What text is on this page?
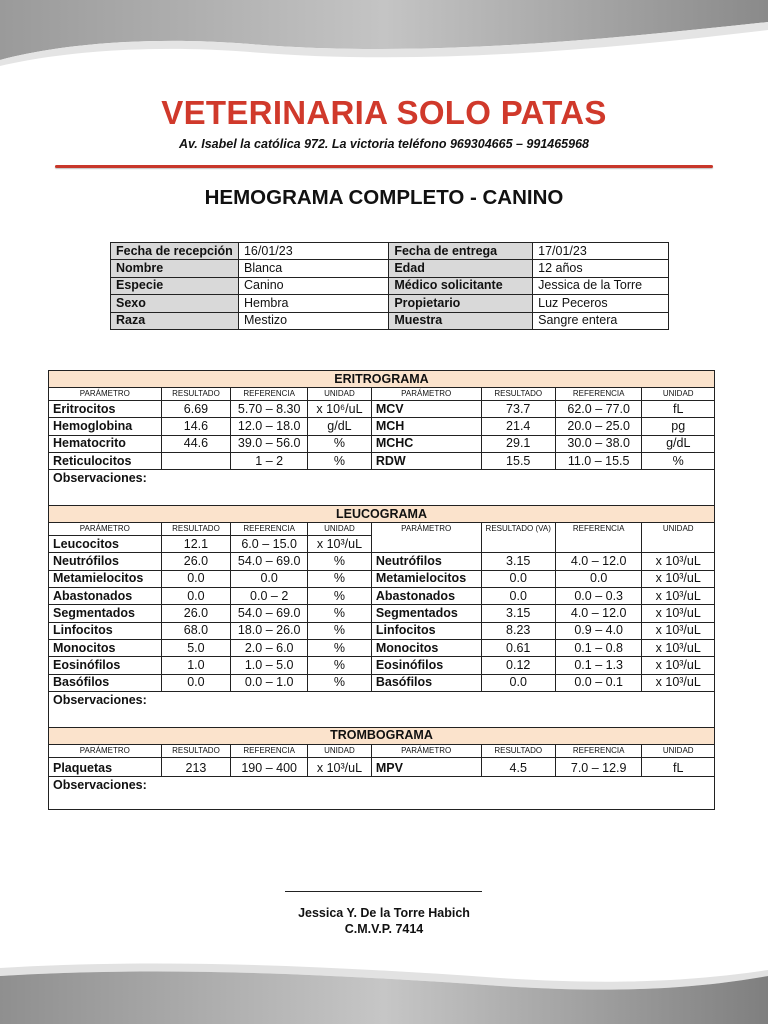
VETERINARIA SOLO PATAS
Av. Isabel la católica 972. La victoria teléfono 969304665 – 991465968
HEMOGRAMA COMPLETO - CANINO
Fecha de recepción	16/01/23	Fecha de entrega	17/01/23
Nombre	Blanca	Edad	12 años
Especie	Canino	Médico solicitante	Jessica de la Torre
Sexo	Hembra	Propietario	Luz Peceros
Raza	Mestizo	Muestra	Sangre entera
ERITROGRAMA							
PARÁMETRO	RESULTADO	REFERENCIA	UNIDAD	PARÁMETRO	RESULTADO	REFERENCIA	UNIDAD
Eritrocitos	6.69	5.70 – 8.30	x 10⁶/uL	MCV	73.7	62.0 – 77.0	fL
Hemoglobina	14.6	12.0 – 18.0	g/dL	MCH	21.4	20.0 – 25.0	pg
Hematocrito	44.6	39.0 – 56.0	%	MCHC	29.1	30.0 – 38.0	g/dL
Reticulocitos		1 – 2	%	RDW	15.5	11.0 – 15.5	%
Observaciones:							
LEUCOGRAMA							
PARÁMETRO	RESULTADO	REFERENCIA	UNIDAD	PARÁMETRO	RESULTADO (VA)	REFERENCIA	UNIDAD
Leucocitos	12.1	6.0 – 15.0	x 10³/uL				
Neutrófilos	26.0	54.0 – 69.0	%	Neutrófilos	3.15	4.0 – 12.0	x 10³/uL
Metamielocitos	0.0	0.0	%	Metamielocitos	0.0	0.0	x 10³/uL
Abastonados	0.0	0.0 – 2	%	Abastonados	0.0	0.0 – 0.3	x 10³/uL
Segmentados	26.0	54.0 – 69.0	%	Segmentados	3.15	4.0 – 12.0	x 10³/uL
Linfocitos	68.0	18.0 – 26.0	%	Linfocitos	8.23	0.9 – 4.0	x 10³/uL
Monocitos	5.0	2.0 – 6.0	%	Monocitos	0.61	0.1 – 0.8	x 10³/uL
Eosinófilos	1.0	1.0 – 5.0	%	Eosinófilos	0.12	0.1 – 1.3	x 10³/uL
Basófilos	0.0	0.0 – 1.0	%	Basófilos	0.0	0.0 – 0.1	x 10³/uL
Observaciones:							
TROMBOGRAMA							
PARÁMETRO	RESULTADO	REFERENCIA	UNIDAD	PARÁMETRO	RESULTADO	REFERENCIA	UNIDAD
Plaquetas	213	190 – 400	x 10³/uL	MPV	4.5	7.0 – 12.9	fL
Observaciones:							
Jessica Y. De la Torre Habich
C.M.V.P. 7414
